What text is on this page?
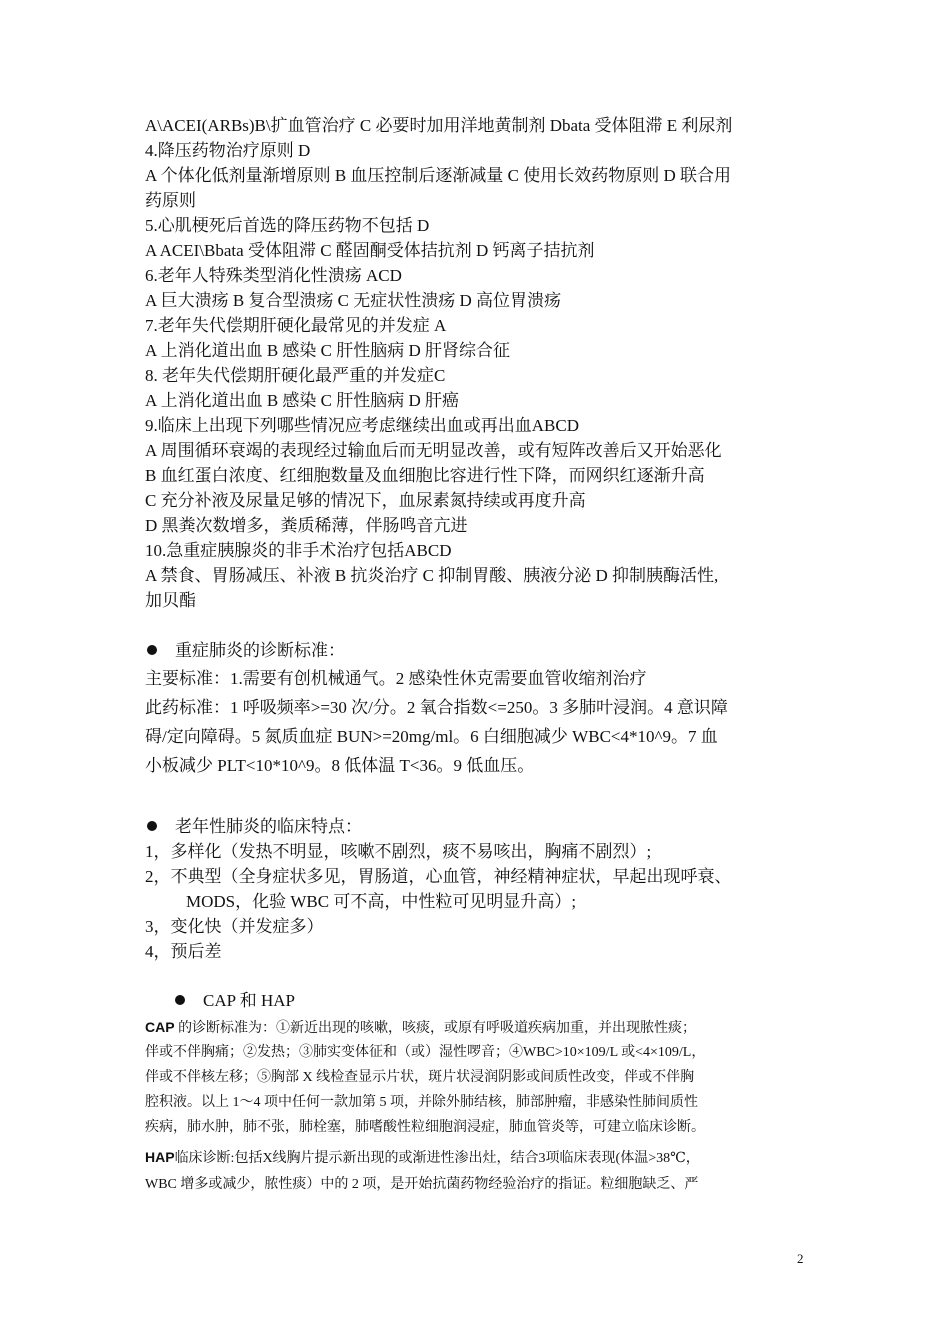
A\ACEI(ARBs)B\扩血管治疗 C 必要时加用洋地黄制剂 Dbata 受体阻滞 E 利尿剂
4.降压药物治疗原则 D
A 个体化低剂量渐增原则 B 血压控制后逐渐减量 C 使用长效药物原则 D 联合用
药原则
5.心肌梗死后首选的降压药物不包括 D
A ACEI\Bbata 受体阻滞 C 醛固酮受体拮抗剂 D 钙离子拮抗剂
6.老年人特殊类型消化性溃疡 ACD
A 巨大溃疡 B 复合型溃疡 C 无症状性溃疡 D 高位胃溃疡
7.老年失代偿期肝硬化最常见的并发症 A
A 上消化道出血 B 感染 C 肝性脑病 D 肝肾综合征
8. 老年失代偿期肝硬化最严重的并发症C
A 上消化道出血 B 感染 C 肝性脑病 D 肝癌
9.临床上出现下列哪些情况应考虑继续出血或再出血ABCD
A 周围循环衰竭的表现经过输血后而无明显改善，或有短阵改善后又开始恶化
B 血红蛋白浓度、红细胞数量及血细胞比容进行性下降，而网织红逐渐升高
C 充分补液及尿量足够的情况下，血尿素氮持续或再度升高
D 黑粪次数增多，粪质稀薄，伴肠鸣音亢进
10.急重症胰腺炎的非手术治疗包括ABCD
A 禁食、胃肠减压、补液 B 抗炎治疗 C 抑制胃酸、胰液分泌 D 抑制胰酶活性,
加贝酯
重症肺炎的诊断标准：
主要标准：1.需要有创机械通气。2 感染性休克需要血管收缩剂治疗
此药标准：1 呼吸频率>=30 次/分。2 氧合指数<=250。3 多肺叶浸润。4 意识障
碍/定向障碍。5 氮质血症 BUN>=20mg/ml。6 白细胞减少 WBC<4*10^9。7 血
小板减少 PLT<10*10^9。8 低体温 T<36。9 低血压。
老年性肺炎的临床特点：
1，多样化（发热不明显，咳嗽不剧烈，痰不易咳出，胸痛不剧烈）;
2，不典型（全身症状多见，胃肠道，心血管，神经精神症状，早起出现呼衰、
MODS，化验 WBC 可不高，中性粒可见明显升高）;
3，变化快（并发症多）
4，预后差
CAP 和 HAP
CAP 的诊断标准为：①新近出现的咳嗽，咳痰，或原有呼吸道疾病加重，并出现脓性痰；
伴或不伴胸痛；②发热；③肺实变体征和（或）湿性啰音；④WBC>10×109/L 或<4×109/L，
伴或不伴核左移；⑤胸部 X 线检查显示片状，斑片状浸润阴影或间质性改变，伴或不伴胸
腔积液。以上 1～4 项中任何一款加第 5 项，并除外肺结核，肺部肿瘤，非感染性肺间质性
疾病，肺水肿，肺不张，肺栓塞，肺嗜酸性粒细胞润浸症，肺血管炎等，可建立临床诊断。
HAP临床诊断:包括X线胸片提示新出现的或渐进性渗出灶，结合3项临床表现(体温>38℃，
WBC 增多或减少，脓性痰）中的 2 项，是开始抗菌药物经验治疗的指证。粒细胞缺乏、严
2
